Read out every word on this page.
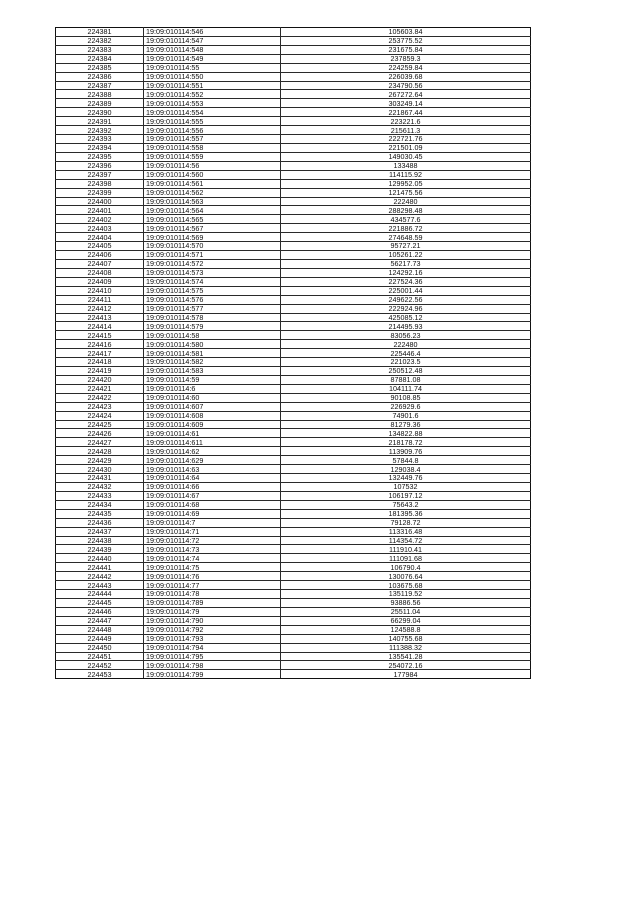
224381	19:09:010114:546	105603.84
224382	19:09:010114:547	253775.52
224383	19:09:010114:548	231675.84
224384	19:09:010114:549	237859.3
224385	19:09:010114:55	224259.84
224386	19:09:010114:550	226039.68
224387	19:09:010114:551	234790.56
224388	19:09:010114:552	267272.64
224389	19:09:010114:553	303249.14
224390	19:09:010114:554	221867.44
224391	19:09:010114:555	223221.6
224392	19:09:010114:556	215611.3
224393	19:09:010114:557	222721.76
224394	19:09:010114:558	221501.09
224395	19:09:010114:559	149030.45
224396	19:09:010114:56	133488
224397	19:09:010114:560	114115.92
224398	19:09:010114:561	129952.05
224399	19:09:010114:562	121475.56
224400	19:09:010114:563	222480
224401	19:09:010114:564	288298.48
224402	19:09:010114:565	434577.6
224403	19:09:010114:567	221886.72
224404	19:09:010114:569	274648.59
224405	19:09:010114:570	95727.21
224406	19:09:010114:571	105261.22
224407	19:09:010114:572	56217.73
224408	19:09:010114:573	124292.16
224409	19:09:010114:574	227524.36
224410	19:09:010114:575	225001.44
224411	19:09:010114:576	249622.56
224412	19:09:010114:577	222924.96
224413	19:09:010114:578	425085.12
224414	19:09:010114:579	214495.93
224415	19:09:010114:58	83056.23
224416	19:09:010114:580	222480
224417	19:09:010114:581	225446.4
224418	19:09:010114:582	221023.5
224419	19:09:010114:583	250512.48
224420	19:09:010114:59	87881.08
224421	19:09:010114:6	104111.74
224422	19:09:010114:60	90108.85
224423	19:09:010114:607	226929.6
224424	19:09:010114:608	74901.6
224425	19:09:010114:609	81279.36
224426	19:09:010114:61	134822.88
224427	19:09:010114:611	218178.72
224428	19:09:010114:62	113909.76
224429	19:09:010114:629	57844.8
224430	19:09:010114:63	129038.4
224431	19:09:010114:64	132449.76
224432	19:09:010114:66	107532
224433	19:09:010114:67	106197.12
224434	19:09:010114:68	75643.2
224435	19:09:010114:69	181395.36
224436	19:09:010114:7	79128.72
224437	19:09:010114:71	113316.48
224438	19:09:010114:72	114354.72
224439	19:09:010114:73	111910.41
224440	19:09:010114:74	111091.68
224441	19:09:010114:75	106790.4
224442	19:09:010114:76	130076.64
224443	19:09:010114:77	103675.68
224444	19:09:010114:78	135119.52
224445	19:09:010114:789	93886.56
224446	19:09:010114:79	25511.04
224447	19:09:010114:790	66299.04
224448	19:09:010114:792	124588.8
224449	19:09:010114:793	140755.68
224450	19:09:010114:794	111388.32
224451	19:09:010114:795	135541.28
224452	19:09:010114:798	254072.16
224453	19:09:010114:799	177984
